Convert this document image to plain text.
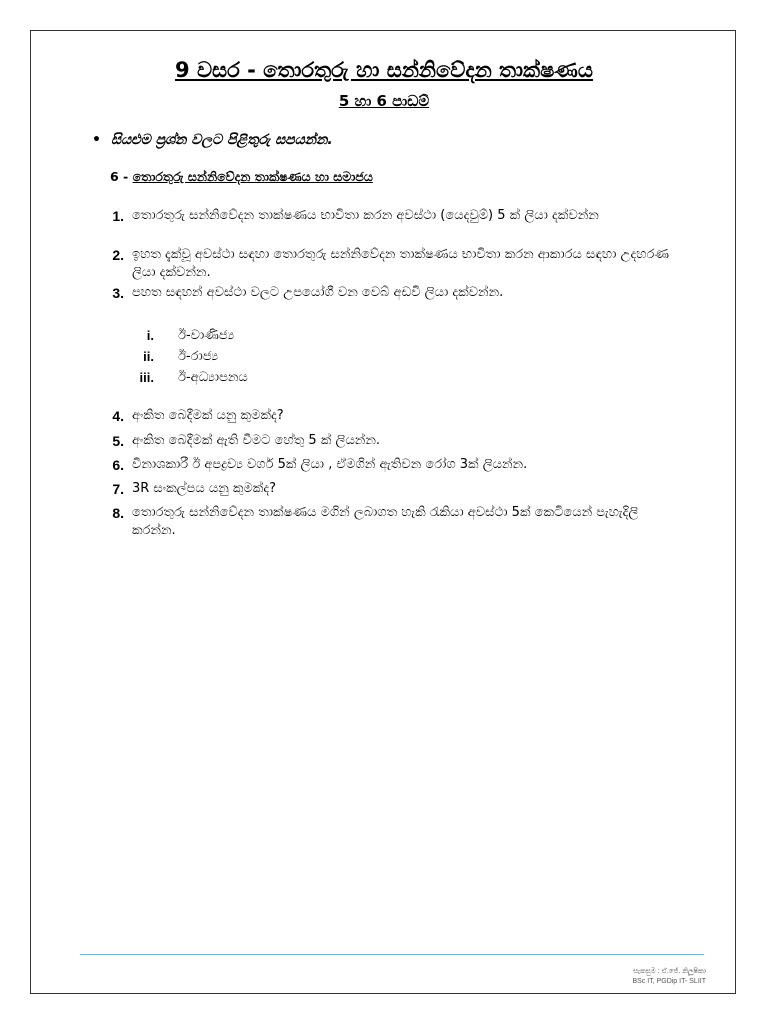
9 වසර - තොරතුරු හා සන්නිවේදන තාක්ෂණය
5 හා 6 පාඩම්
• සියළුම ප්‍රශ්න වලට පිළිතුරු සපයන්න.
6 - තොරතුරු සන්නිවේදන තාක්ෂණය හා සමාජය
1. තොරතුරු සන්නිවේදන තාක්ෂණය භාවිතා කරන අවස්ථා (යෙදවුම්) 5 ක් ලියා දක්වන්න
2. ඉහත දැක්වූ අවස්ථා සඳහා තොරතුරු සන්නිවේදන තාක්ෂණය භාවිතා කරන ආකාරය සඳහා උදහරණ ලියා දක්වන්න.
3. පහත සඳහන් අවස්ථා වලට උපයෝගී වන වෙබ් අඩවි ලියා දක්වන්න.
i. ඊ-වාණිජ්‍ය
ii. ඊ-රාජ්‍ය
iii. ඊ-අධ්‍යාපනය
4. අංකිත බෙදීමක් යනු කුමක්ද?
5. අංකිත බෙදීමක් ඇති වීමට හේතු 5 ක් ලියන්න.
6. විනාශකාරී ඊ අපද්‍රව්‍ය වර්ග 5ක් ලියා , ඒමගින් ඇතිවන රෝග 3ක් ලියන්න.
7. 3R සංකල්පය යනු කුමක්ද?
8. තොරතුරු සන්නිවේදන තාක්ෂණය මගින් ලබාගත හැකි රැකියා අවස්ථා 5ක් කෙටියෙන් පැහැදිලි කරන්න.
සැකසුම : ඒ.ජේ. නිලූෂිකා
BSc IT, PGDip IT- SLIIT
